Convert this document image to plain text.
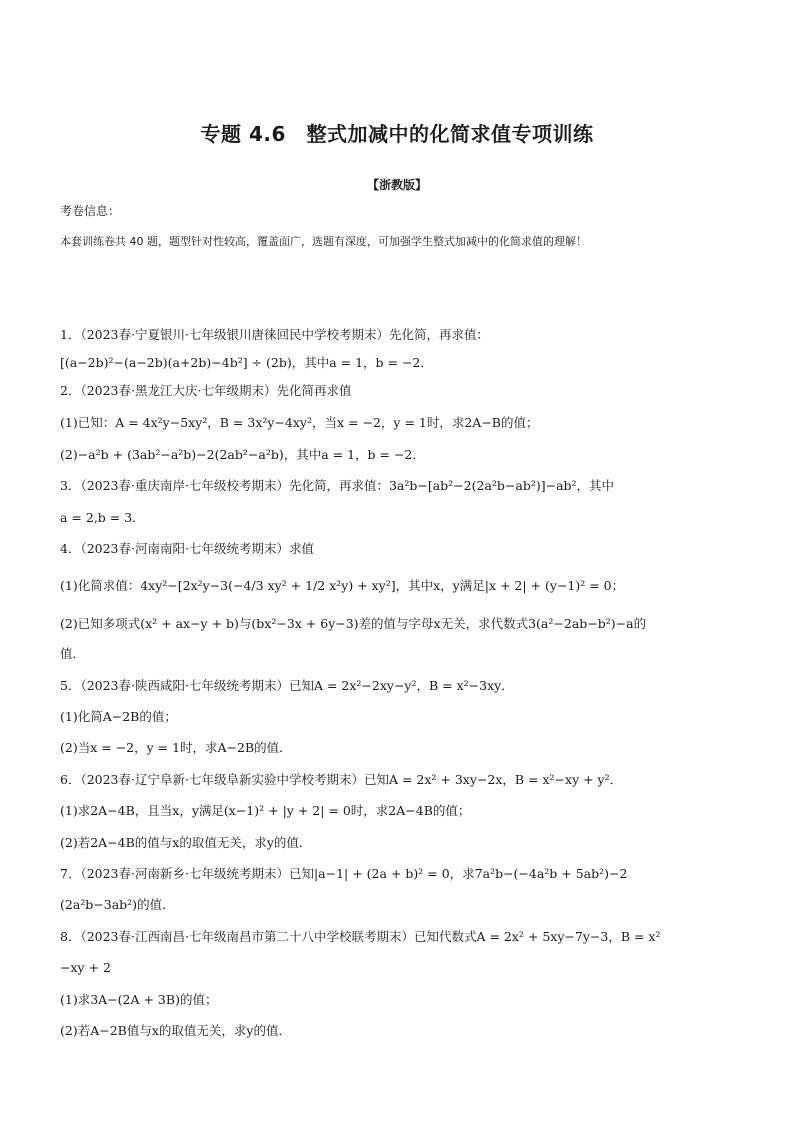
专题 4.6　整式加减中的化简求值专项训练
【浙教版】
考卷信息：
本套训练卷共 40 题，题型针对性较高，覆盖面广，选题有深度，可加强学生整式加减中的化简求值的理解！
1．（2023春·宁夏银川·七年级银川唐徕回民中学校考期末）先化简，再求值：
[(a−2b)²−(a−2b)(a+2b)−4b²] ÷ (2b)，其中a = 1，b = −2．
2．（2023春·黑龙江大庆·七年级期末）先化简再求值
(1)已知：A = 4x²y−5xy²，B = 3x²y−4xy²，当x = −2，y = 1时，求2A−B的值；
(2)−a²b + (3ab²−a²b)−2(2ab²−a²b)，其中a = 1，b = −2．
3．（2023春·重庆南岸·七年级校考期末）先化简，再求值：3a²b−[ab²−2(2a²b−ab²)]−ab²，其中
a = 2,b = 3．
4．（2023春·河南南阳·七年级统考期末）求值
(1)化简求值：4xy²−[2x²y−3(−4/3 xy² + 1/2 x²y) + xy²]，其中x，y满足|x + 2| + (y−1)² = 0；
(2)已知多项式(x² + ax−y + b)与(bx²−3x + 6y−3)差的值与字母x无关，求代数式3(a²−2ab−b²)−a的
值．
5．（2023春·陕西咸阳·七年级统考期末）已知A = 2x²−2xy−y²，B = x²−3xy．
(1)化简A−2B的值；
(2)当x = −2，y = 1时，求A−2B的值．
6．（2023春·辽宁阜新·七年级阜新实验中学校考期末）已知A = 2x² + 3xy−2x，B = x²−xy + y²．
(1)求2A−4B，且当x，y满足(x−1)² + |y + 2| = 0时，求2A−4B的值；
(2)若2A−4B的值与x的取值无关，求y的值．
7．（2023春·河南新乡·七年级统考期末）已知|a−1| + (2a + b)² = 0，求7a²b−(−4a²b + 5ab²)−2
(2a²b−3ab²)的值．
8．（2023春·江西南昌·七年级南昌市第二十八中学校联考期末）已知代数式A = 2x² + 5xy−7y−3，B = x²
−xy + 2
(1)求3A−(2A + 3B)的值；
(2)若A−2B值与x的取值无关，求y的值．
